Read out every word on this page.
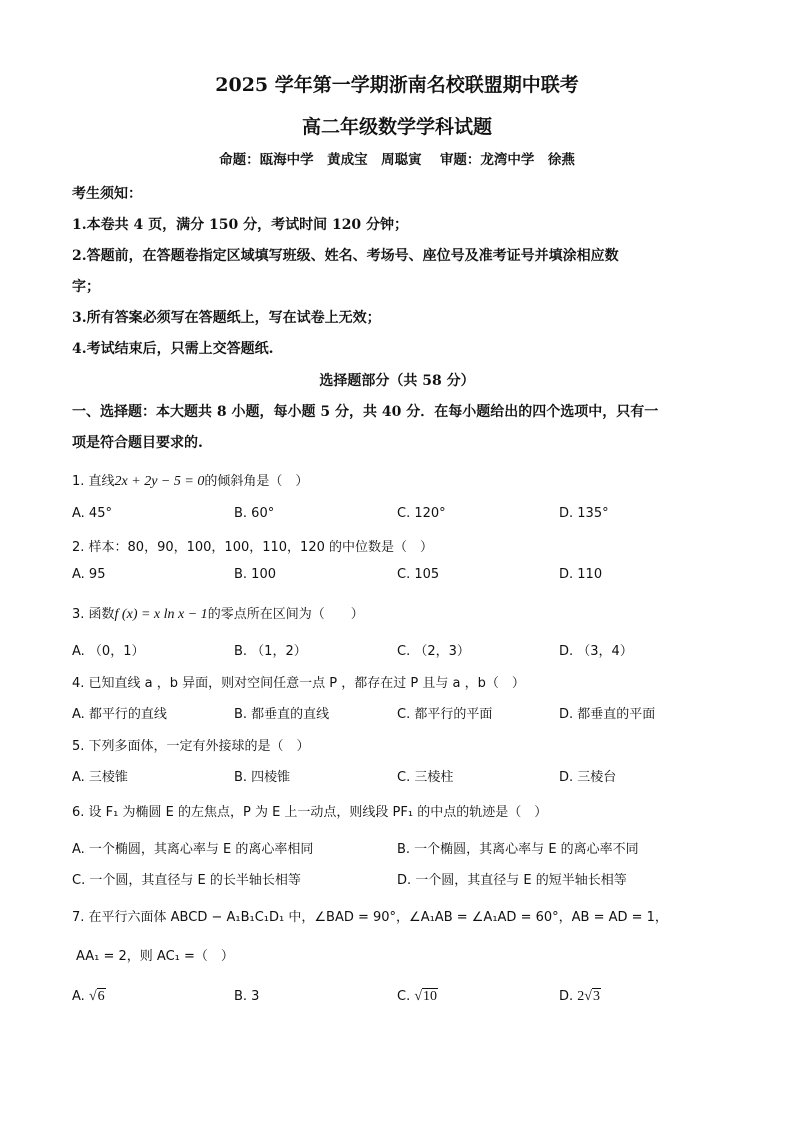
2025 学年第一学期浙南名校联盟期中联考
高二年级数学学科试题
命题：瓯海中学　黄成宝　周聪寅　 审题：龙湾中学　徐燕
考生须知：
1.本卷共 4 页，满分 150 分，考试时间 120 分钟；
2.答题前，在答题卷指定区域填写班级、姓名、考场号、座位号及准考证号并填涂相应数
字；
3.所有答案必须写在答题纸上，写在试卷上无效；
4.考试结束后，只需上交答题纸.
选择题部分（共 58 分）
一、选择题：本大题共 8 小题，每小题 5 分，共 40 分．在每小题给出的四个选项中，只有一
项是符合题目要求的.
1. 直线2x + 2y − 5 = 0的倾斜角是（　）
A. 45°	B. 60°	C. 120°	D. 135°
2. 样本：80，90，100，100，110，120 的中位数是（　）
A. 95	B. 100	C. 105	D. 110
3. 函数f (x) = x ln x − 1的零点所在区间为（　　）
A. （0，1）	B. （1，2）	C. （2，3）	D. （3，4）
4. 已知直线 a ，b 异面，则对空间任意一点 P ，都存在过 P 且与 a ，b（　）
A. 都平行的直线	B. 都垂直的直线	C. 都平行的平面	D. 都垂直的平面
5. 下列多面体，一定有外接球的是（　）
A. 三棱锥	B. 四棱锥	C. 三棱柱	D. 三棱台
6. 设 F₁ 为椭圆 E 的左焦点，P 为 E 上一动点，则线段 PF₁ 的中点的轨迹是（　）
A. 一个椭圆，其离心率与 E 的离心率相同	B. 一个椭圆，其离心率与 E 的离心率不同
C. 一个圆，其直径与 E 的长半轴长相等	D. 一个圆，其直径与 E 的短半轴长相等
7. 在平行六面体 ABCD − A₁B₁C₁D₁ 中，∠BAD = 90°，∠A₁AB = ∠A₁AD = 60°，AB = AD = 1，
AA₁ = 2，则 AC₁ =（　）
A. √6	B. 3	C. √10	D. 2√3
